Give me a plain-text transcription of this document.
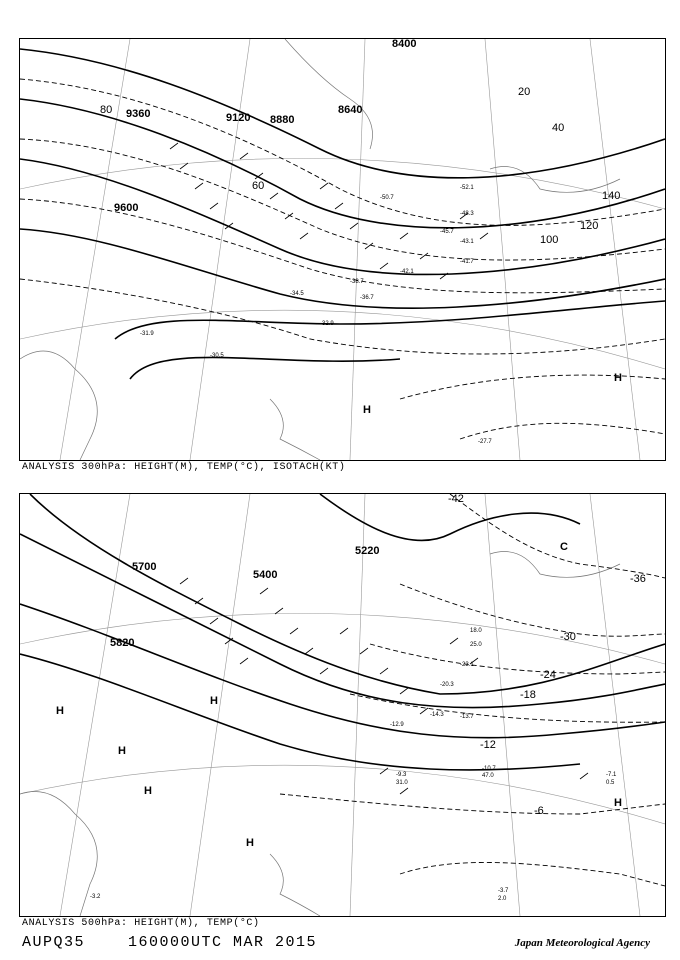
8400
8640
8880
9120
9360
9600
20
40
60
80
100
120
140
H
H
-52.1
-50.7
-48.3
-45.7
-43.1
-42.1
-41.7
-38.7
-36.7
-34.5
-32.9
-31.9
-30.5
-27.7
ANALYSIS 300hPa: HEIGHT(M), TEMP(°C), ISOTACH(KT)
5220
5400
5700
5820
-42
-36
-30
-24
-18
-12
-6
H
H
H
H
H
H
C
-10.7
47.0
-9.3
31.0
-7.1
0.5
-3.7
2.0
-14.3	-13.7
-20.3
-23.1
25.0
18.0
-12.9
-3.2
ANALYSIS 500hPa: HEIGHT(M), TEMP(°C)
AUPQ35	160000UTC MAR 2015	Japan Meteorological Agency
